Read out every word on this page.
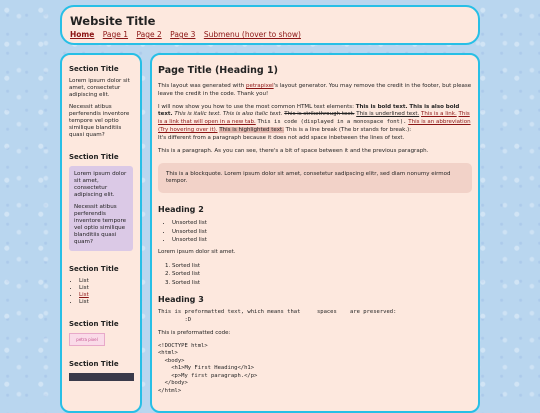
Website Title
Home Page 1 Page 2 Page 3 Submenu (hover to show)
Section Title

Lorem ipsum dolor sit amet, consectetur adipiscing elit.

Necessit atibus perferendis inventore tempore vel optio similique blanditiis quasi quam?

Section Title

Lorem ipsum dolor sit amet, consectetur adipiscing elit.

Necessit atibus perferendis inventore tempore vel optio similique blanditiis quasi quam?

Section Title
• List
• List
• List
• List
Section Title
petra pixel
Section Title
Page Title (Heading 1)

This layout was generated with petrapixel's layout generator. You may remove the credit in the footer, but please leave the credit in the code. Thank you!

I will now show you how to use the most common HTML text elements: This is bold text. This is also bold text. This is italic text. This is also italic text. This is strikethrough text. This is underlined text. This is a link. This is a link that will open in a new tab. This is code (displayed in a monospace font). This is an abbreviation (Try hovering over it). This is highlighted text. This is a line break (The br stands for break.):
It's different from a paragraph because it does not add space inbetween the lines of text.

This is a paragraph. As you can see, there's a bit of space between it and the previous paragraph.

This is a blockquote. Lorem ipsum dolor sit amet, consetetur sadipscing elitr, sed diam nonumy eirmod tempor.
Heading 2
• Unsorted list
• Unsorted list
• Unsorted list

Lorem ipsum dolor sit amet.

1. Sorted list
2. Sorted list
3. Sorted list
Heading 3
This is preformatted text, which means that     spaces    are preserved:
:D

This is preformatted code:

<!DOCTYPE html>
<html>
<body>
<h1>My First Heading</h1>
<p>My first paragraph.</p>
</body>
</html>
